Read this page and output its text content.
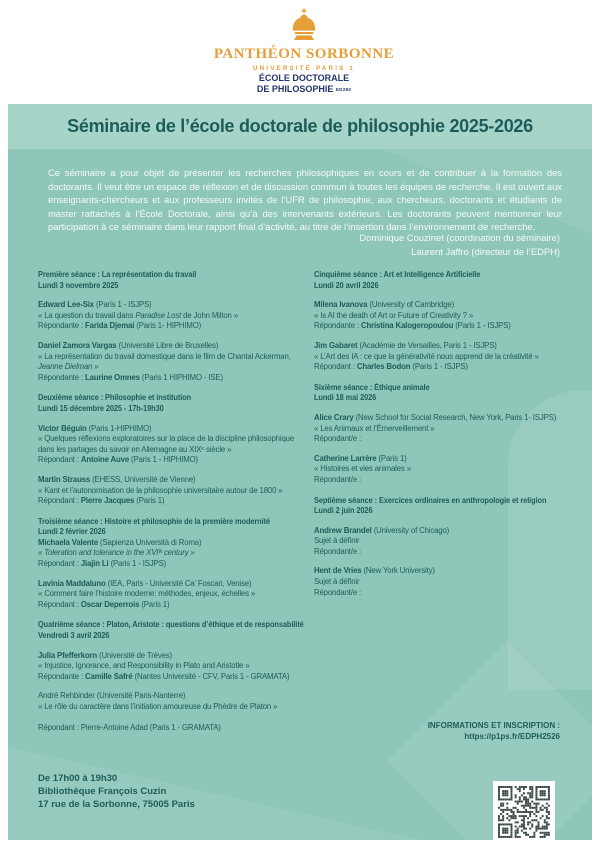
PANTHÉON SORBONNE
UNIVERSITÉ PARIS 1
ÉCOLE DOCTORALE
DE PHILOSOPHIE ED280
Séminaire de l’école doctorale de philosophie 2025-2026

Ce séminaire a pour objet de présenter les recherches philosophiques en cours et de contribuer à la formation des doctorants. Il veut être un espace de réflexion et de discussion commun à toutes les équipes de recherche. Il est ouvert aux enseignants-chercheurs et aux professeurs invités de l’UFR de philosophie, aux chercheurs, doctorants et étudiants de master rattachés à l’École Doctorale, ainsi qu’à des intervenants extérieurs. Les doctorants peuvent mentionner leur participation à ce séminaire dans leur rapport final d’activité, au titre de l’insertion dans l’environnement de recherche.

Dominique Couzinet (coordination du séminaire)
Laurent Jaffro (directeur de l’EDPH)
Première séance : La représentation du travail
Lundi 3 novembre 2025
Edward Lee-Six (Paris 1 - ISJPS)
« La question du travail dans Paradise Lost de John Milton »
Répondante : Farida Djemai (Paris 1- HIPHIMO)
Daniel Zamora Vargas (Université Libre de Bruxelles)
« La représentation du travail domestique dans le film de Chantal Ackerman, Jeanne Dielman »
Répondante : Laurine Omnes (Paris 1 HIPHIMO - ISE)
Deuxième séance : Philosophie et institution
Lundi 15 décembre 2025 - 17h-19h30
Victor Béguin (Paris 1-HIPHIMO)
« Quelques réflexions exploratoires sur la place de la discipline philosophique dans les partages du savoir en Allemagne au XIXᵉ siècle »
Répondant : Antoine Auve (Paris 1 - HIPHIMO)
Martin Strauss (EHESS, Université de Vienne)
« Kant et l’autonomisation de la philosophie universitaire autour de 1800 »
Répondant : Pierre Jacques (Paris 1)
Troisième séance : Histoire et philosophie de la première modernité
Lundi 2 février 2026
Michaela Valente (Sapienza Università di Roma)
« Toleration and tolerance in the XVIᵗʰ century »
Répondant : Jiajin Li (Paris 1 - ISJPS)
Lavinia Maddaluno (IEA, Paris - Université Ca’ Foscari, Venise)
« Comment faire l’histoire moderne: méthodes, enjeux, échelles »
Répondant : Oscar Deperrois (Paris 1)
Quatrième séance : Platon, Aristote : questions d’éthique et de responsabilité
Vendredi 3 avril 2026
Julia Pfefferkorn (Université de Trèves)
« Injustice, Ignorance, and Responsibility in Plato and Aristotle »
Répondante : Camille Safré (Nantes Université - CFV, Paris 1 - GRAMATA)
André Rehbinder (Université Paris-Nanterre)
« Le rôle du caractère dans l’initiation amoureuse du Phèdre de Platon »

Répondant : Pierre-Antoine Adad (Paris 1 - GRAMATA)
Cinquième séance : Art et Intelligence Artificielle
Lundi 20 avril 2026
Milena Ivanova (University of Cambridge)
« Is AI the death of Art or Future of Creativity ? »
Répondante : Christina Kalogeropoulou (Paris 1 - ISJPS)
Jim Gabaret (Académie de Versailles, Paris 1 - ISJPS)
« L’Art des IA : ce que la générativité nous apprend de la créativité »
Répondant : Charles Bodon (Paris 1 - ISJPS)
Sixième séance : Éthique animale
Lundi 18 mai 2026
Alice Crary (New School for Social Research, New York, Paris 1- ISJPS)
« Les Animaux et l’Émerveillement »
Répondant/e :
Catherine Larrère (Paris 1)
« Histoires et vies animales »
Répondant/e :
Septième séance : Exercices ordinaires en anthropologie et religion
Lundi 2 juin 2026
Andrew Brandel (University of Chicago)
Sujet à définir
Répondant/e :
Hent de Vries (New York University)
Sujet à définir
Répondant/e :
INFORMATIONS ET INSCRIPTION :
https://p1ps.fr/EDPH2526
De 17h00 à 19h30
Bibliothèque François Cuzin
17 rue de la Sorbonne, 75005 Paris
